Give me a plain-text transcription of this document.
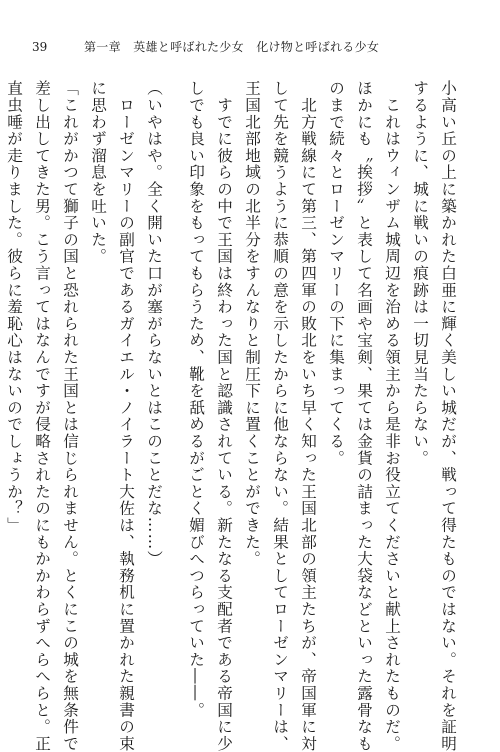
39	第一章　英雄と呼ばれた少女　化け物と呼ばれる少女
小高い丘の上に築かれた白亜に輝く美しい城だが、戦って得たものではない。それを証明
するように、城に戦いの痕跡は一切見当たらない。
　これはウィンザム城周辺を治める領主から是非お役立てくださいと献上されたものだ。
ほかにも〝挨拶〟と表して名画や宝剣、果ては金貨の詰まった大袋などといった露骨なも
のまで続々とローゼンマリーの下に集まってくる。
　北方戦線にて第三、第四軍の敗北をいち早く知った王国北部の領主たちが、帝国軍に対
して先を競うように恭順の意を示したからに他ならない。結果としてローゼンマリーは、
王国北部地域の北半分をすんなりと制圧下に置くことができた。
　すでに彼らの中で王国は終わった国と認識されている。新たなる支配者である帝国に少
しでも良い印象をもってもらうため、靴を舐めるがごとく媚びへつらっていた――。
（いやはや。全く開いた口が塞がらないとはこのことだな……）
　ローゼンマリーの副官であるガイエル・ノイラート大佐は、執務机に置かれた親書の束
に思わず溜息を吐いた。
「これがかつて獅子の国と恐れられた王国とは信じられません。とくにこの城を無条件で
差し出してきた男。こう言ってはなんですが侵略されたのにもかかわらずへらへらと。正
直虫唾が走りました。彼らに羞恥心はないのでしょうか？」
